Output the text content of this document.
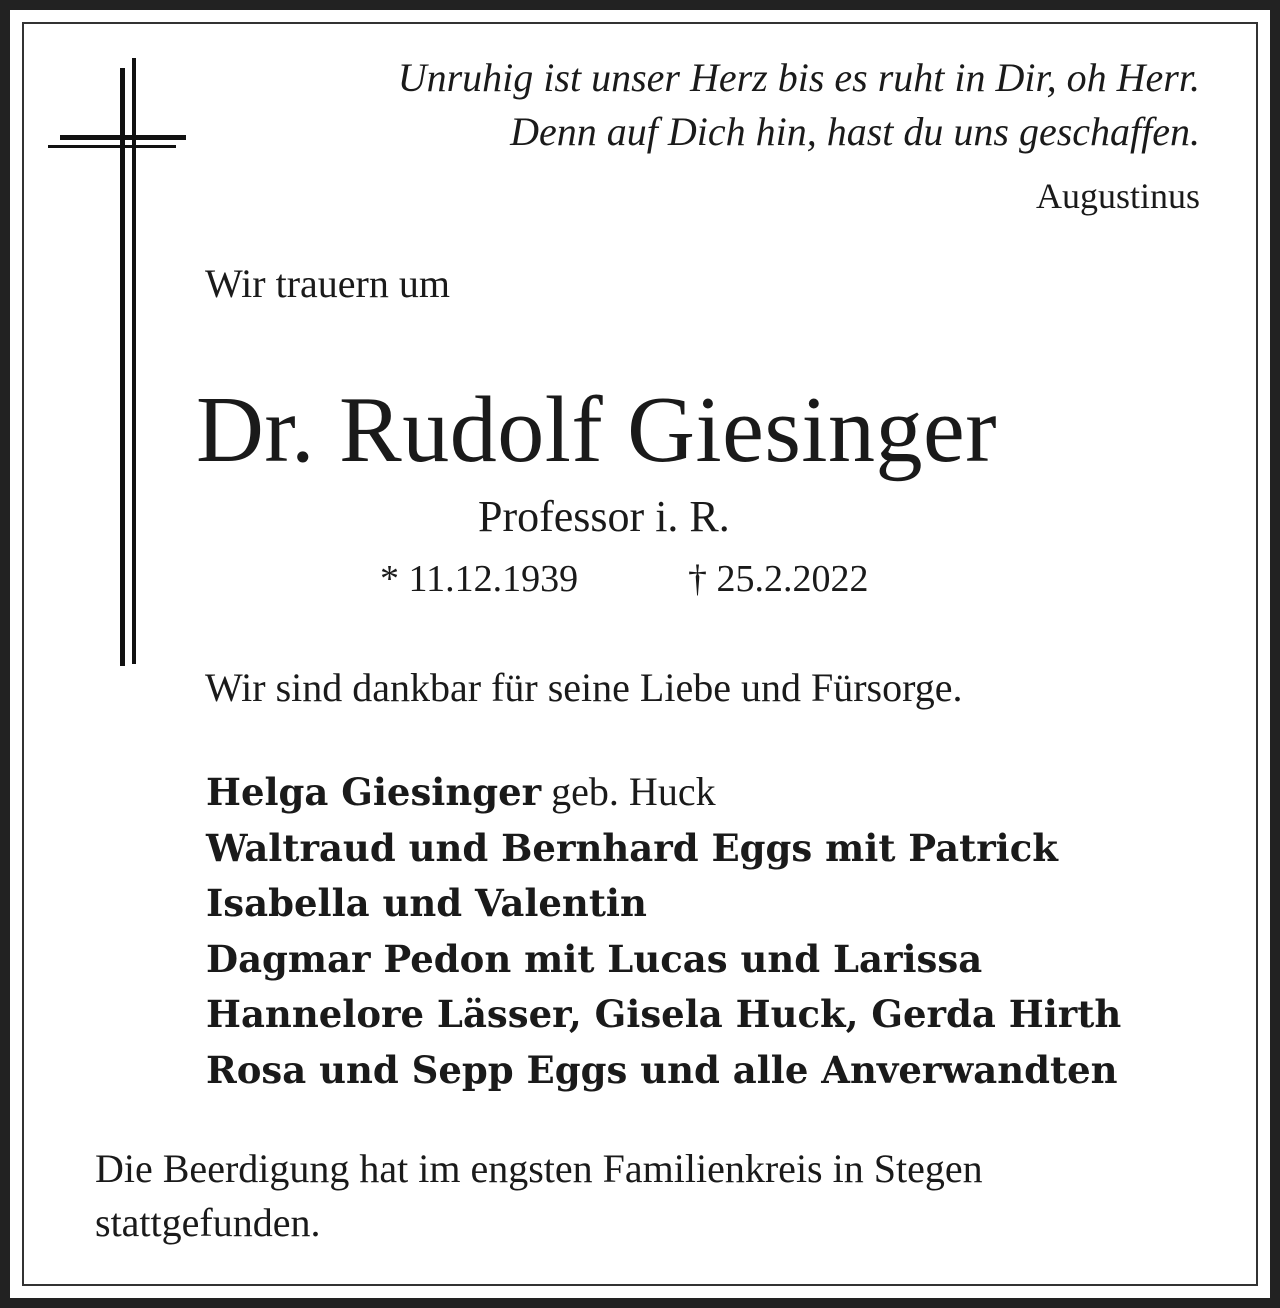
Unruhig ist unser Herz bis es ruht in Dir, oh Herr.
Denn auf Dich hin, hast du uns geschaffen.
Augustinus
Wir trauern um
Dr. Rudolf Giesinger
Professor i. R.
* 11.12.1939	† 25.2.2022
Wir sind dankbar für seine Liebe und Fürsorge.
Helga Giesinger geb. Huck
Waltraud und Bernhard Eggs mit Patrick
Isabella und Valentin
Dagmar Pedon mit Lucas und Larissa
Hannelore Lässer, Gisela Huck, Gerda Hirth
Rosa und Sepp Eggs und alle Anverwandten
Die Beerdigung hat im engsten Familienkreis in Stegen stattgefunden.
